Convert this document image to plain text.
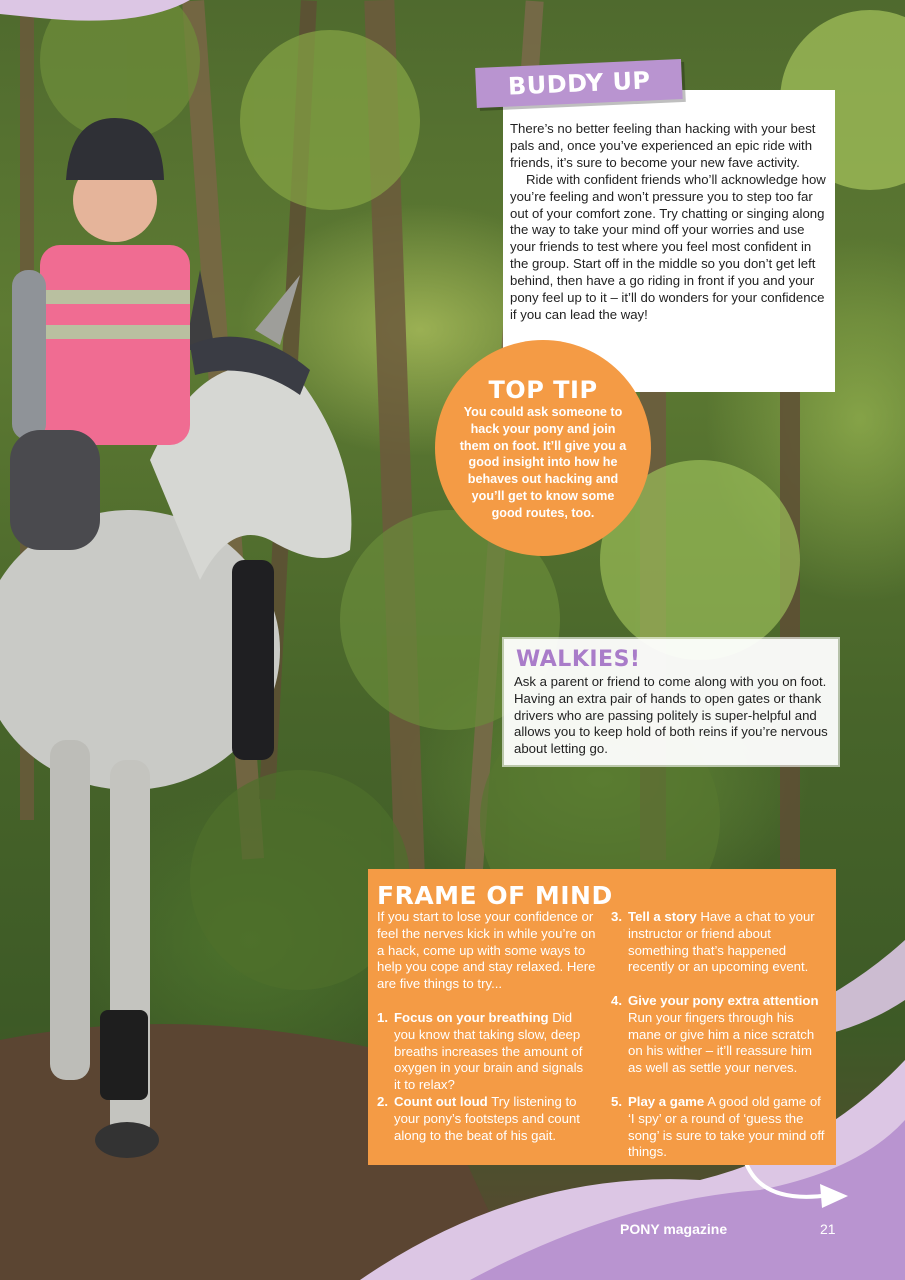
BUDDY UP

There’s no better feeling than hacking with your best pals and, once you’ve experienced an epic ride with friends, it’s sure to become your new fave activity.

Ride with confident friends who’ll acknowledge how you’re feeling and won’t pressure you to step too far out of your comfort zone. Try chatting or singing along the way to take your mind off your worries and use your friends to test where you feel most confident in the group. Start off in the middle so you don’t get left behind, then have a go riding in front if you and your pony feel up to it – it’ll do wonders for your confidence if you can lead the way!

TOP TIP
You could ask someone to hack your pony and join them on foot. It’ll give you a good insight into how he behaves out hacking and you’ll get to know some good routes, too.
WALKIES!
Ask a parent or friend to come along with you on foot. Having an extra pair of hands to open gates or thank drivers who are passing politely is super-helpful and allows you to keep hold of both reins if you’re nervous about letting go.
FRAME OF MIND
If you start to lose your confidence or feel the nerves kick in while you’re on a hack, come up with some ways to help you cope and stay relaxed. Here are five things to try...
1. Focus on your breathing Did you know that taking slow, deep breaths increases the amount of oxygen in your brain and signals it to relax?
2. Count out loud Try listening to your pony’s footsteps and count along to the beat of his gait.
3. Tell a story Have a chat to your instructor or friend about something that’s happened recently or an upcoming event.
4. Give your pony extra attention Run your fingers through his mane or give him a nice scratch on his wither – it’ll reassure him as well as settle your nerves.
5. Play a game A good old game of ‘I spy’ or a round of ‘guess the song’ is sure to take your mind off things.
PONY magazine	21
